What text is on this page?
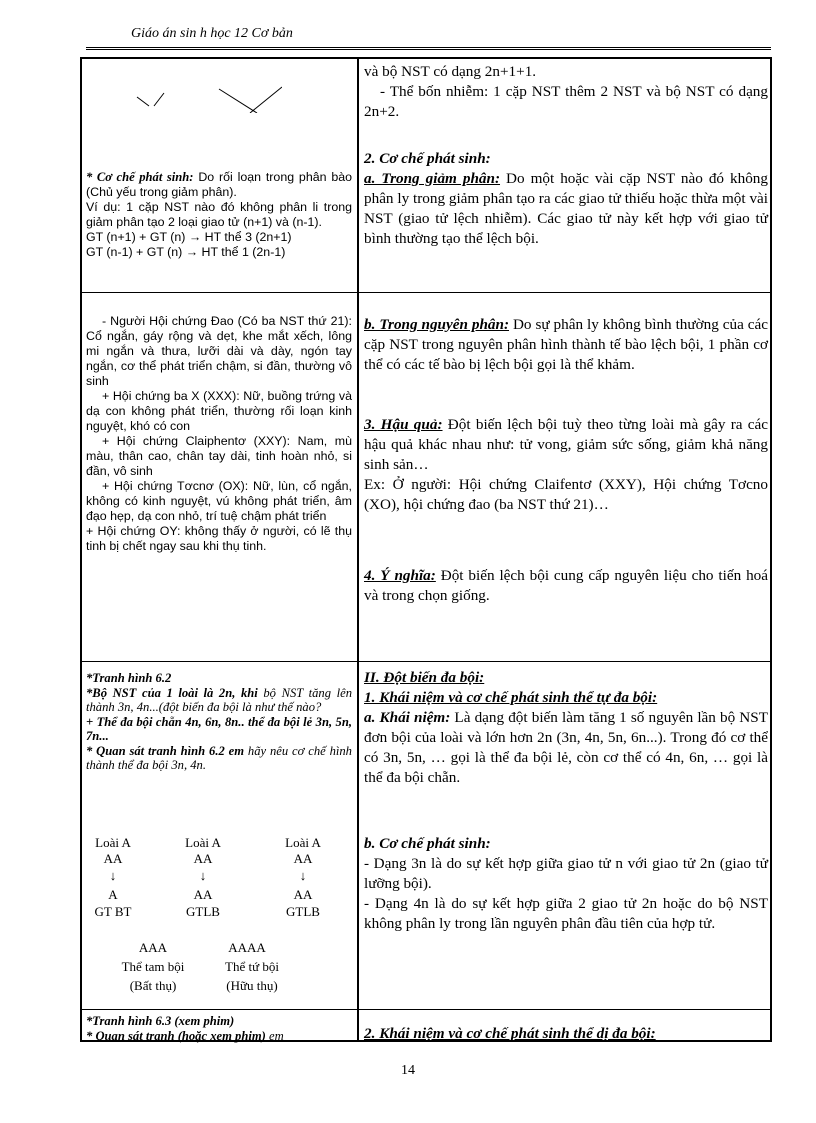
Giáo án sin h học 12 Cơ bản

* Cơ chế phát sinh: Do rối loạn trong phân bào (Chủ yếu trong giảm phân).

Ví dụ: 1 cặp NST nào đó không phân li trong giảm phân tạo 2 loại giao tử (n+1) và (n-1).

GT (n+1) + GT (n) → HT thể 3 (2n+1)

GT (n-1) + GT (n) → HT thể 1 (2n-1)

- Người Hội chứng Đao (Có ba NST thứ 21): Cổ ngắn, gáy rộng và dẹt, khe mắt xếch, lông mi ngắn và thưa, lưỡi dài và dày, ngón tay ngắn, cơ thể phát triển chậm, si đần, thường vô sinh

+ Hội chứng ba X (XXX): Nữ, buồng trứng và dạ con không phát triển, thường rối loạn kinh nguyệt, khó có con

+ Hội chứng Claiphentơ (XXY): Nam, mù màu, thân cao, chân tay dài, tinh hoàn nhỏ, si đần, vô sinh

+ Hội chứng Tơcnơ (OX): Nữ, lùn, cổ ngắn, không có kinh nguyệt, vú không phát triển, âm đạo hẹp, dạ con nhỏ, trí tuệ chậm phát triển

+ Hội chứng OY: không thấy ở người, có lẽ thụ tinh bị chết ngay sau khi thụ tinh.

*Tranh hình 6.2

*Bộ NST của 1 loài là 2n, khi bộ NST tăng lên thành 3n, 4n...(đột biến đa bội là như thế nào?

+ Thể đa bội chẵn 4n, 6n, 8n.. thể đa bội lẻ 3n, 5n, 7n...

* Quan sát tranh hình 6.2 em hãy nêu cơ chế hình thành thể đa bội 3n, 4n.

Loài A	Loài A	Loài A
AA	AA	AA
↓	↓	↓
A	AA	AA
GT BT	GTLB	GTLB
AAA	AAAA
Thể tam bội	Thể tứ bội
(Bất thụ)	(Hữu thụ)

*Tranh hình 6.3 (xem phim)

* Quan sát tranh (hoặc xem phim) em

và bộ NST có dạng 2n+1+1.

- Thể bốn nhiễm: 1 cặp NST thêm 2 NST và bộ NST có dạng 2n+2.

2. Cơ chế phát sinh:

a. Trong giảm phân: Do một hoặc vài cặp NST nào đó không phân ly trong giảm phân tạo ra các giao tử thiếu hoặc thừa một vài NST (giao tử lệch nhiễm). Các giao tử này kết hợp với giao tử bình thường tạo thể lệch bội.

b. Trong nguyên phân: Do sự phân ly không bình thường của các cặp NST trong nguyên phân hình thành tế bào lệch bội, 1 phần cơ thể có các tế bào bị lệch bội gọi là thể khảm.

3. Hậu quả: Đột biến lệch bội tuỳ theo từng loài mà gây ra các hậu quả khác nhau như: tử vong, giảm sức sống, giảm khả năng sinh sản…

Ex: Ở người: Hội chứng Claifentơ (XXY), Hội chứng Tơcno (XO), hội chứng đao (ba NST thứ 21)…

4. Ý nghĩa: Đột biến lệch bội cung cấp nguyên liệu cho tiến hoá và trong chọn giống.

II. Đột biến đa bội:

1. Khái niệm và cơ chế phát sinh thể tự đa bội:

a. Khái niệm: Là dạng đột biến làm tăng 1 số nguyên lần bộ NST đơn bội của loài và lớn hơn 2n (3n, 4n, 5n, 6n...). Trong đó cơ thể có 3n, 5n, … gọi là thể đa bội lẻ, còn cơ thể có 4n, 6n, … gọi là thể đa bội chẵn.

b. Cơ chế phát sinh:

- Dạng 3n là do sự kết hợp giữa giao tử n với giao tử 2n (giao tử lưỡng bội).

- Dạng 4n là do sự kết hợp giữa 2 giao tử 2n hoặc do bộ NST không phân ly trong lần nguyên phân đầu tiên của hợp tử.

2. Khái niệm và cơ chế phát sinh thể dị đa bội:

14
